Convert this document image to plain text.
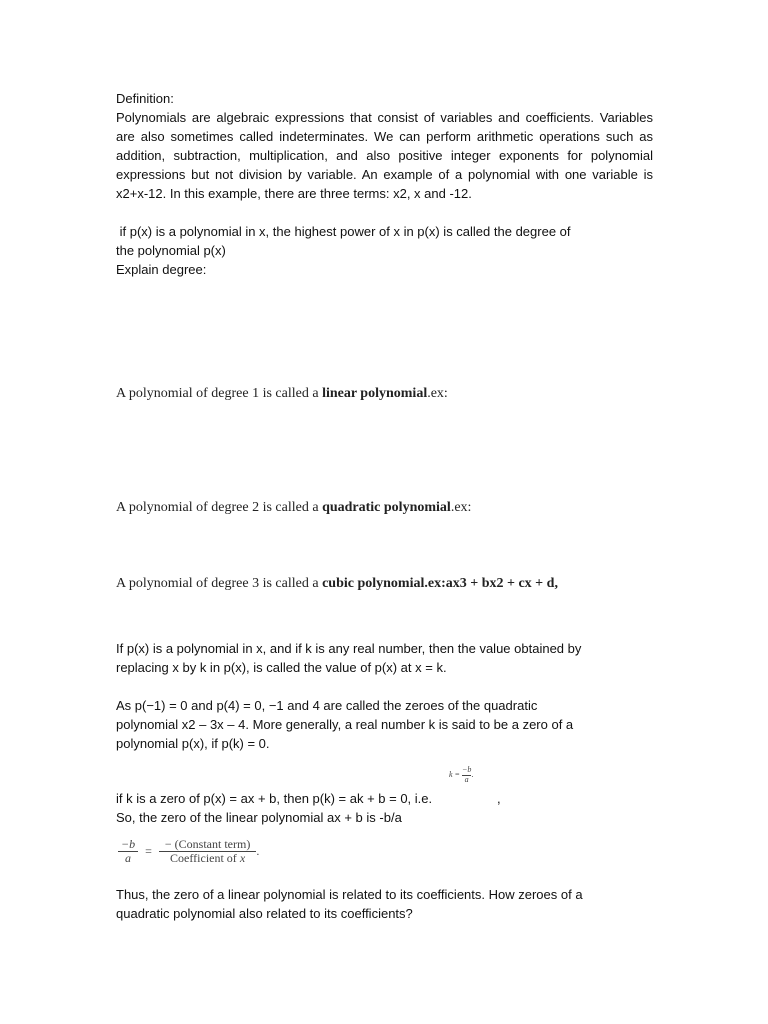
Definition:
Polynomials are algebraic expressions that consist of variables and coefficients. Variables are also sometimes called indeterminates. We can perform arithmetic operations such as addition, subtraction, multiplication, and also positive integer exponents for polynomial expressions but not division by variable. An example of a polynomial with one variable is x2+x-12. In this example, there are three terms: x2, x and -12.
if p(x) is a polynomial in x, the highest power of x in p(x) is called the degree of
the polynomial p(x)
Explain degree:
A polynomial of degree 1 is called a linear polynomial.ex:
A polynomial of degree 2 is called a quadratic polynomial.ex:
A polynomial of degree 3 is called a cubic polynomial.ex:ax3 + bx2 + cx + d,
If p(x) is a polynomial in x, and if k is any real number, then the value obtained by
replacing x by k in p(x), is called the value of p(x) at x = k.
As p(−1) = 0 and p(4) = 0, −1 and 4 are called the zeroes of the quadratic
polynomial x2 – 3x – 4. More generally, a real number k is said to be a zero of a
polynomial p(x), if p(k) = 0.
$k = \frac{-b}{a}$ .
if k is a zero of p(x) = ax + b, then p(k) = ak + b = 0, i.e.
So, the zero of the linear polynomial ax + b is -b/a
,
$\frac{-b}{a} = \frac{\text{− (Constant term)}}{\text{Coefficient of x}}$ .
Thus, the zero of a linear polynomial is related to its coefficients. How zeroes of a
quadratic polynomial also related to its coefficients?
